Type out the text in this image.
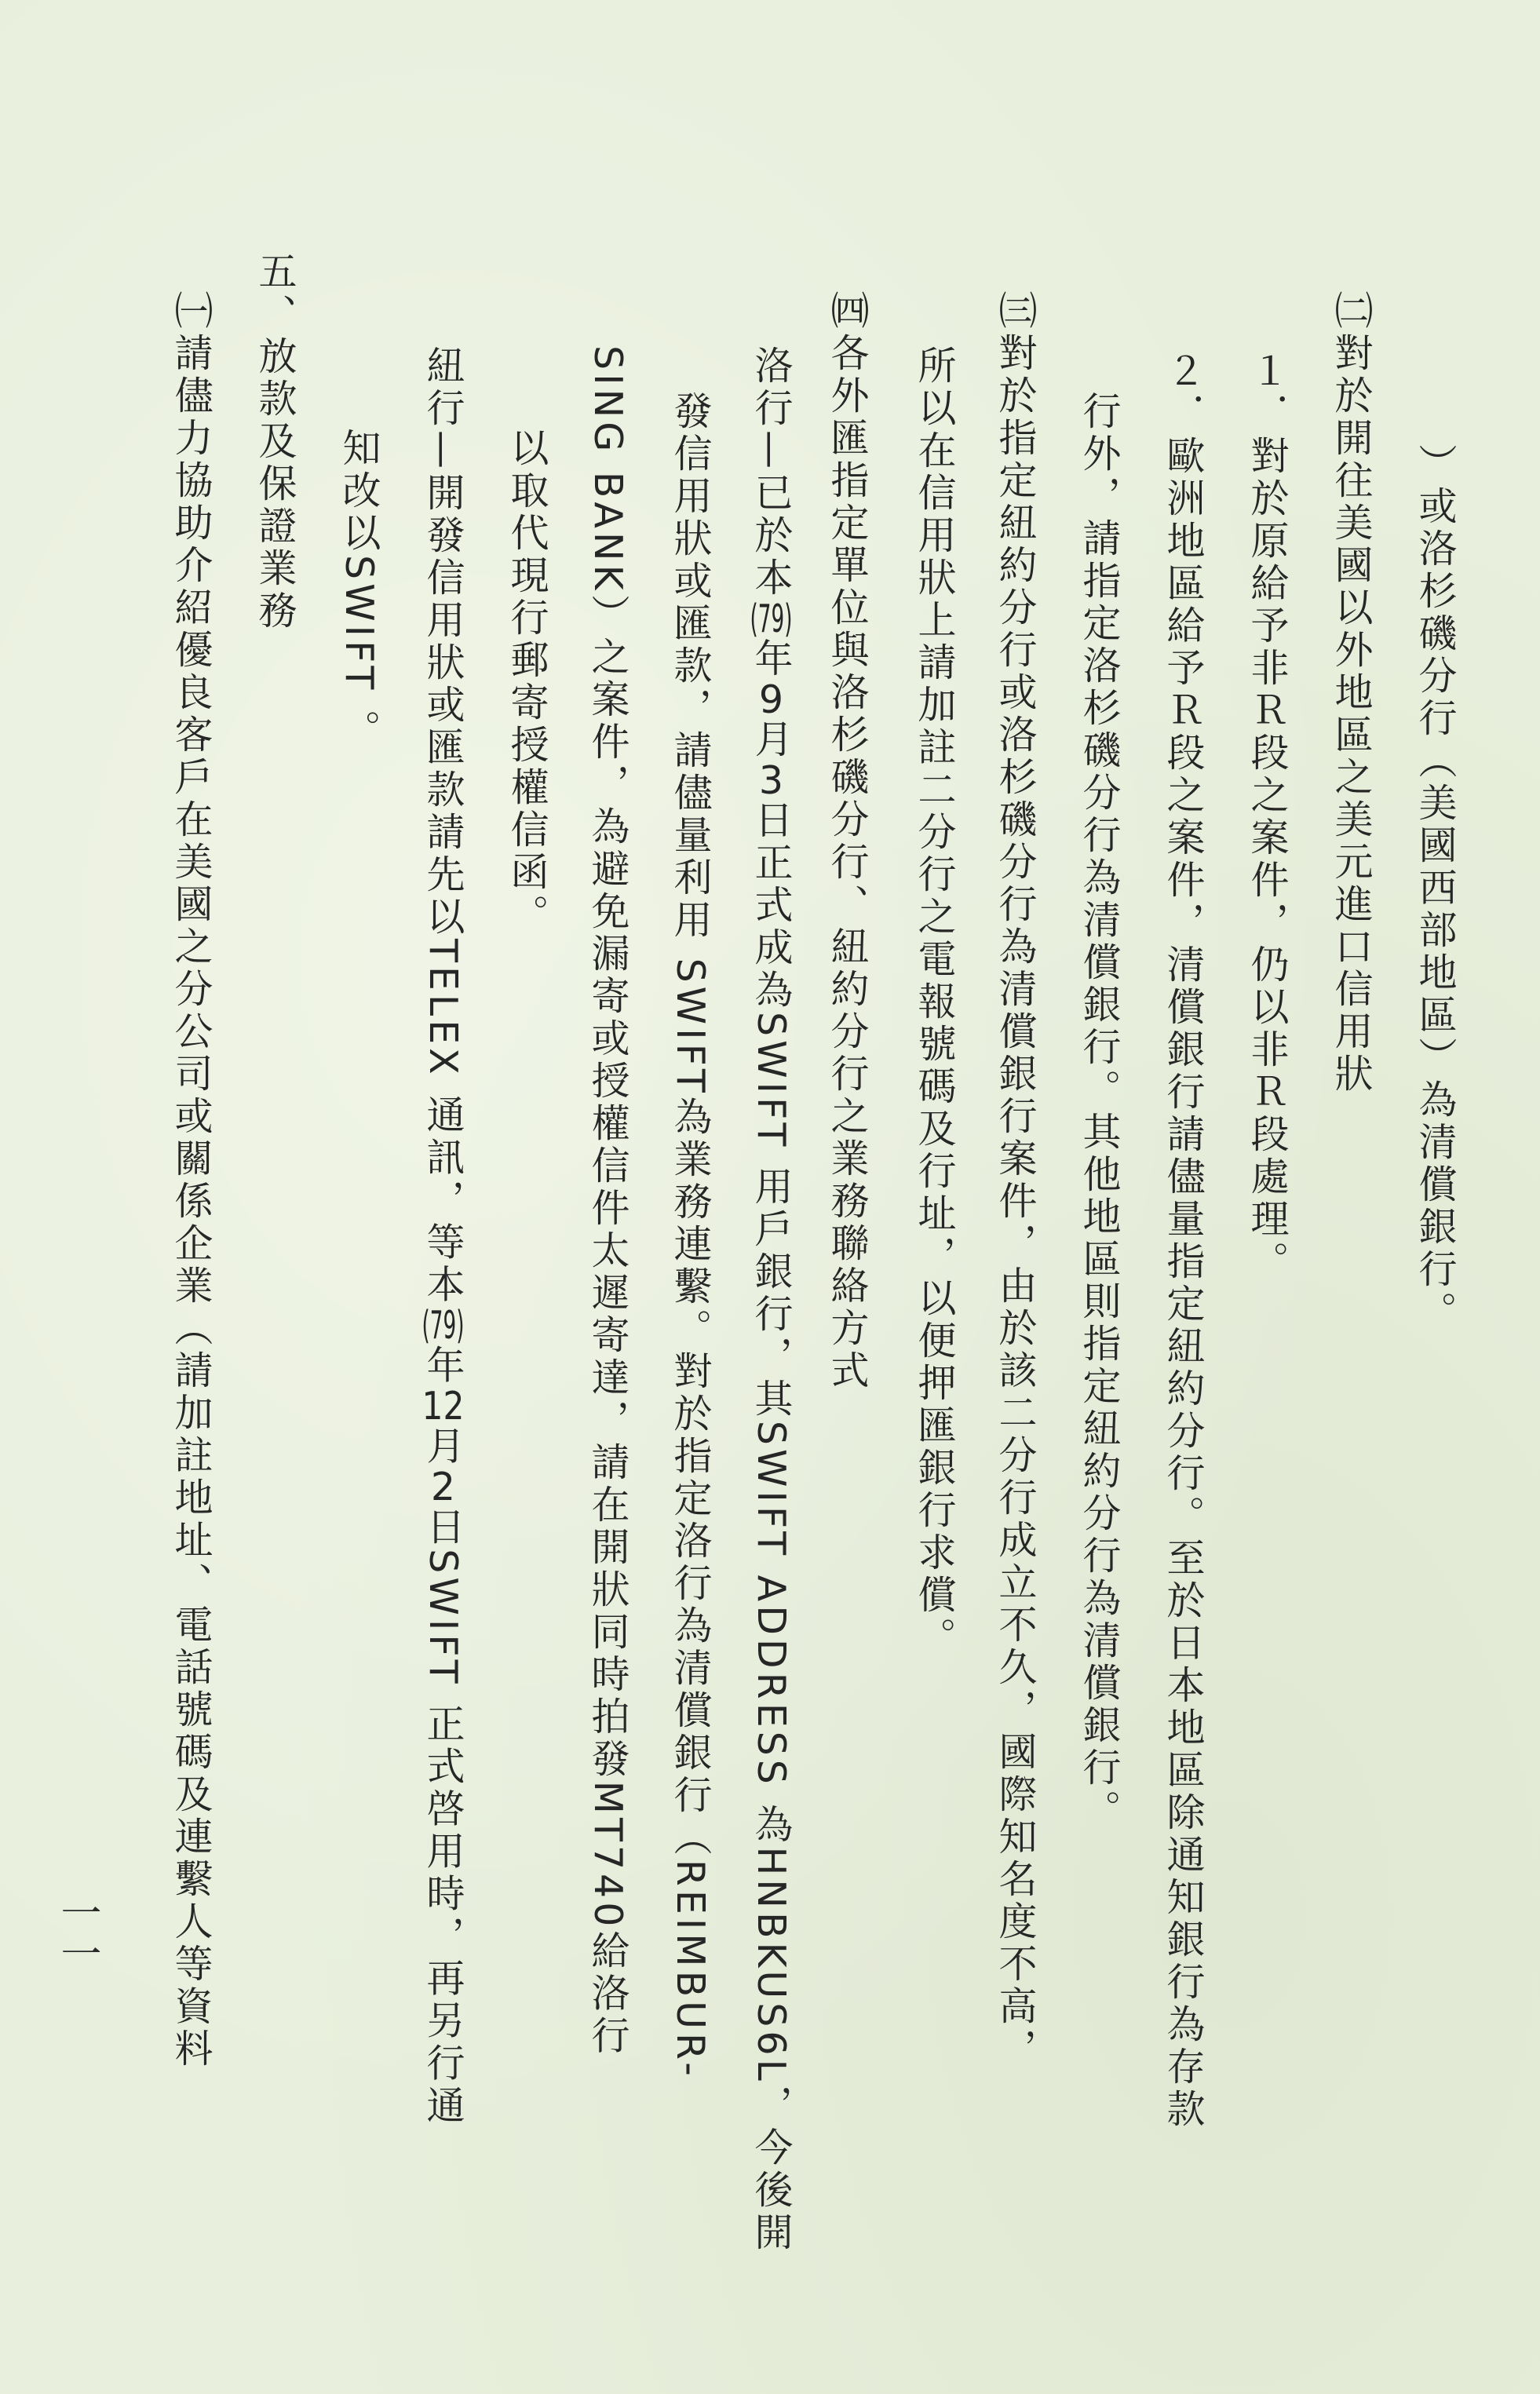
）或洛杉磯分行（美國西部地區）為清償銀行。
㈡對於開往美國以外地區之美元進口信用狀
１．對於原給予非Ｒ段之案件，仍以非Ｒ段處理。
２．歐洲地區給予Ｒ段之案件，清償銀行請儘量指定紐約分行。至於日本地區除通知銀行為存款
行外，請指定洛杉磯分行為清償銀行。其他地區則指定紐約分行為清償銀行。
㈢對於指定紐約分行或洛杉磯分行為清償銀行案件，由於該二分行成立不久，國際知名度不高，
所以在信用狀上請加註二分行之電報號碼及行址，以便押匯銀行求償。
㈣各外匯指定單位與洛杉磯分行、紐約分行之業務聯絡方式
洛行—已於本(79)年9月3日正式成為SWIFT 用戶銀行，其SWIFT ADDRESS 為HNBKUS6L，今後開
發信用狀或匯款，請儘量利用 SWIFT為業務連繫。對於指定洛行為清償銀行（REIMBUR-
SING BANK）之案件，為避免漏寄或授權信件太遲寄達，請在開狀同時拍發MT740給洛行
以取代現行郵寄授權信函。
紐行—開發信用狀或匯款請先以TELEX 通訊，等本(79)年12月2日SWIFT 正式啓用時，再另行通
知改以SWIFT 。
五、放款及保證業務
㈠請儘力協助介紹優良客戶在美國之分公司或關係企業（請加註地址、電話號碼及連繫人等資料
一一
